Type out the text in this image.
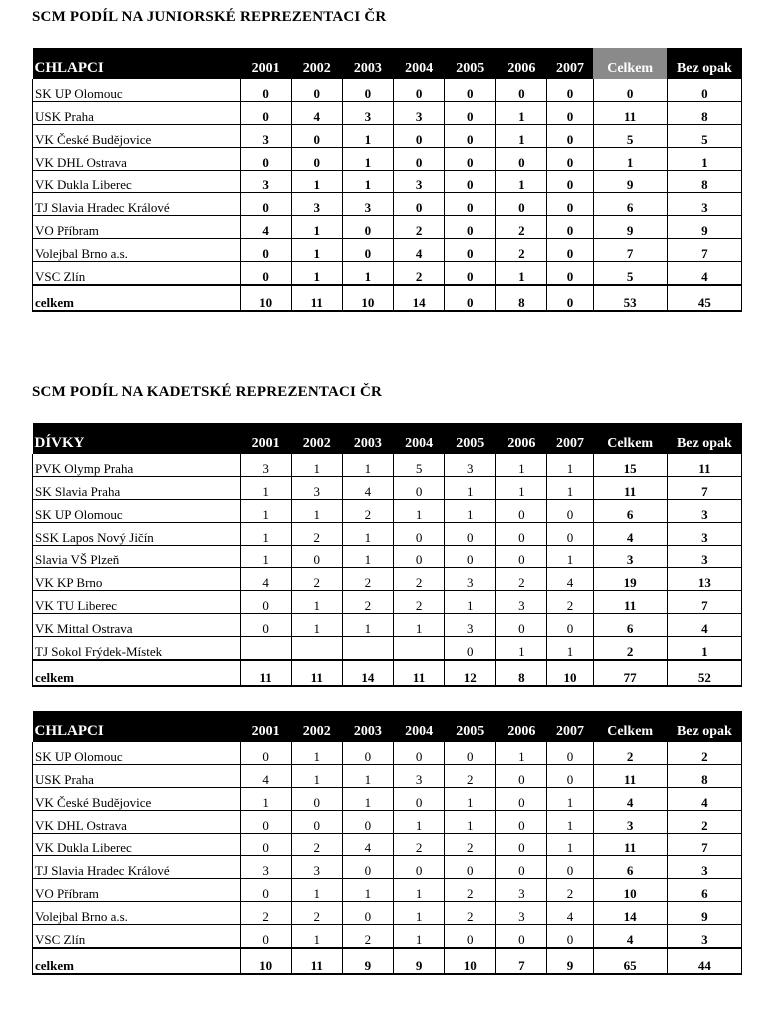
SCM PODÍL NA JUNIORSKÉ REPREZENTACI ČR
CHLAPCI	2001	2002	2003	2004	2005	2006	2007	Celkem	Bez opak
SK UP Olomouc	0	0	0	0	0	0	0	0	0
USK Praha	0	4	3	3	0	1	0	11	8
VK České Budějovice	3	0	1	0	0	1	0	5	5
VK DHL Ostrava	0	0	1	0	0	0	0	1	1
VK Dukla Liberec	3	1	1	3	0	1	0	9	8
TJ Slavia Hradec Králové	0	3	3	0	0	0	0	6	3
VO Příbram	4	1	0	2	0	2	0	9	9
Volejbal Brno a.s.	0	1	0	4	0	2	0	7	7
VSC Zlín	0	1	1	2	0	1	0	5	4
celkem	10	11	10	14	0	8	0	53	45
SCM PODÍL NA KADETSKÉ REPREZENTACI ČR
DÍVKY	2001	2002	2003	2004	2005	2006	2007	Celkem	Bez opak
PVK Olymp Praha	3	1	1	5	3	1	1	15	11
SK Slavia Praha	1	3	4	0	1	1	1	11	7
SK UP Olomouc	1	1	2	1	1	0	0	6	3
SSK Lapos Nový Jičín	1	2	1	0	0	0	0	4	3
Slavia VŠ Plzeň	1	0	1	0	0	0	1	3	3
VK KP Brno	4	2	2	2	3	2	4	19	13
VK TU Liberec	0	1	2	2	1	3	2	11	7
VK Mittal Ostrava	0	1	1	1	3	0	0	6	4
TJ Sokol Frýdek-Místek					0	1	1	2	1
celkem	11	11	14	11	12	8	10	77	52
CHLAPCI	2001	2002	2003	2004	2005	2006	2007	Celkem	Bez opak
SK UP Olomouc	0	1	0	0	0	1	0	2	2
USK Praha	4	1	1	3	2	0	0	11	8
VK České Budějovice	1	0	1	0	1	0	1	4	4
VK DHL Ostrava	0	0	0	1	1	0	1	3	2
VK Dukla Liberec	0	2	4	2	2	0	1	11	7
TJ Slavia Hradec Králové	3	3	0	0	0	0	0	6	3
VO Příbram	0	1	1	1	2	3	2	10	6
Volejbal Brno a.s.	2	2	0	1	2	3	4	14	9
VSC Zlín	0	1	2	1	0	0	0	4	3
celkem	10	11	9	9	10	7	9	65	44
